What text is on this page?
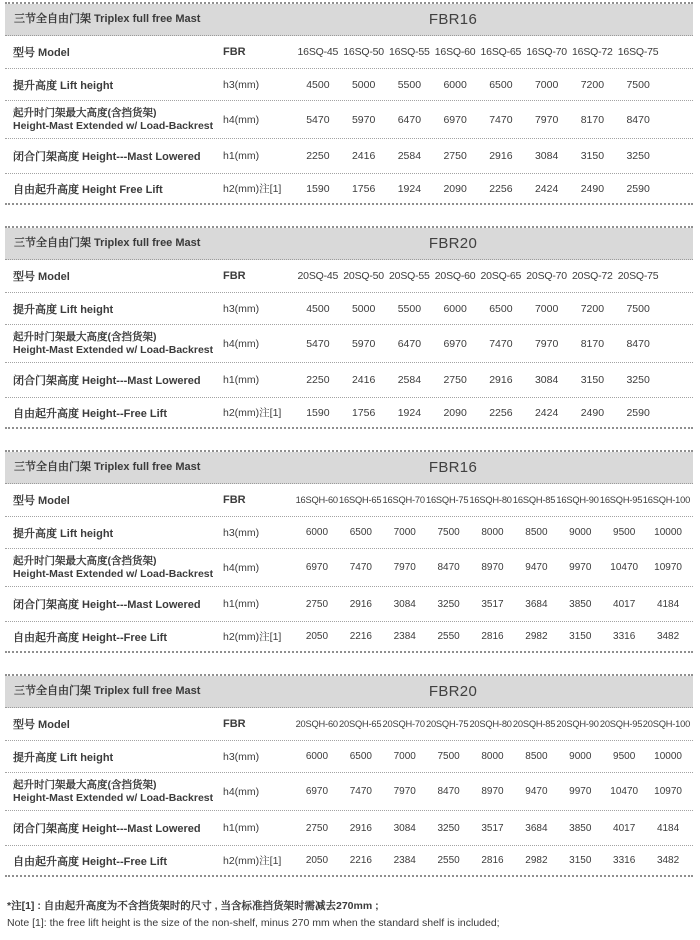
三节全自由门架 Triplex full free Mast	FBR16
型号 Model	FBR	16SQ-45 16SQ-50 16SQ-55 16SQ-60 16SQ-65 16SQ-70 16SQ-72 16SQ-75
提升高度 Lift height	h3(mm)	4500	5000	5500	6000	6500	7000	7200	7500
起升时门架最大高度(含挡货架)
Height-Mast Extended w/ Load-Backrest h4(mm)	5470	5970	6470	6970	7470	7970	8170	8470
闭合门架高度 Height---Mast Lowered	h1(mm)	2250	2416	2584	2750	2916	3084	3150	3250
自由起升高度 Height Free Lift	h2(mm)注[1]	1590	1756	1924	2090	2256	2424	2490	2590
三节全自由门架 Triplex full free Mast	FBR20
型号 Model	FBR	20SQ-45 20SQ-50 20SQ-55 20SQ-60 20SQ-65 20SQ-70 20SQ-72 20SQ-75
提升高度 Lift height	h3(mm)	4500	5000	5500	6000	6500	7000	7200	7500
起升时门架最大高度(含挡货架)
Height-Mast Extended w/ Load-Backrest h4(mm)	5470	5970	6470	6970	7470	7970	8170	8470
闭合门架高度 Height---Mast Lowered	h1(mm)	2250	2416	2584	2750	2916	3084	3150	3250
自由起升高度 Height--Free Lift	h2(mm)注[1]	1590	1756	1924	2090	2256	2424	2490	2590
三节全自由门架 Triplex full free Mast	FBR16
型号 Model	FBR	16SQH-60 16SQH-65 16SQH-70 16SQH-75 16SQH-80 16SQH-85 16SQH-90 16SQH-95 16SQH-100
提升高度 Lift height	h3(mm)	6000	6500	7000	7500	8000	8500	9000	9500	10000
起升时门架最大高度(含挡货架)
Height-Mast Extended w/ Load-Backrest h4(mm)	6970	7470	7970	8470	8970	9470	9970	10470	10970
闭合门架高度 Height---Mast Lowered	h1(mm)	2750	2916	3084	3250	3517	3684	3850	4017	4184
自由起升高度 Height--Free Lift	h2(mm)注[1]	2050	2216	2384	2550	2816	2982	3150	3316	3482
三节全自由门架 Triplex full free Mast	FBR20
型号 Model	FBR	20SQH-60 20SQH-65 20SQH-70 20SQH-75 20SQH-80 20SQH-85 20SQH-90 20SQH-95 20SQH-100
提升高度 Lift height	h3(mm)	6000	6500	7000	7500	8000	8500	9000	9500	10000
起升时门架最大高度(含挡货架)
Height-Mast Extended w/ Load-Backrest h4(mm)	6970	7470	7970	8470	8970	9470	9970	10470	10970
闭合门架高度 Height---Mast Lowered	h1(mm)	2750	2916	3084	3250	3517	3684	3850	4017	4184
自由起升高度 Height--Free Lift	h2(mm)注[1]	2050	2216	2384	2550	2816	2982	3150	3316	3482
*注[1] : 自由起升高度为不含挡货架时的尺寸 , 当含标准挡货架时需减去270mm ;
Note [1]: the free lift height is the size of the non-shelf, minus 270 mm when the standard shelf is included;
